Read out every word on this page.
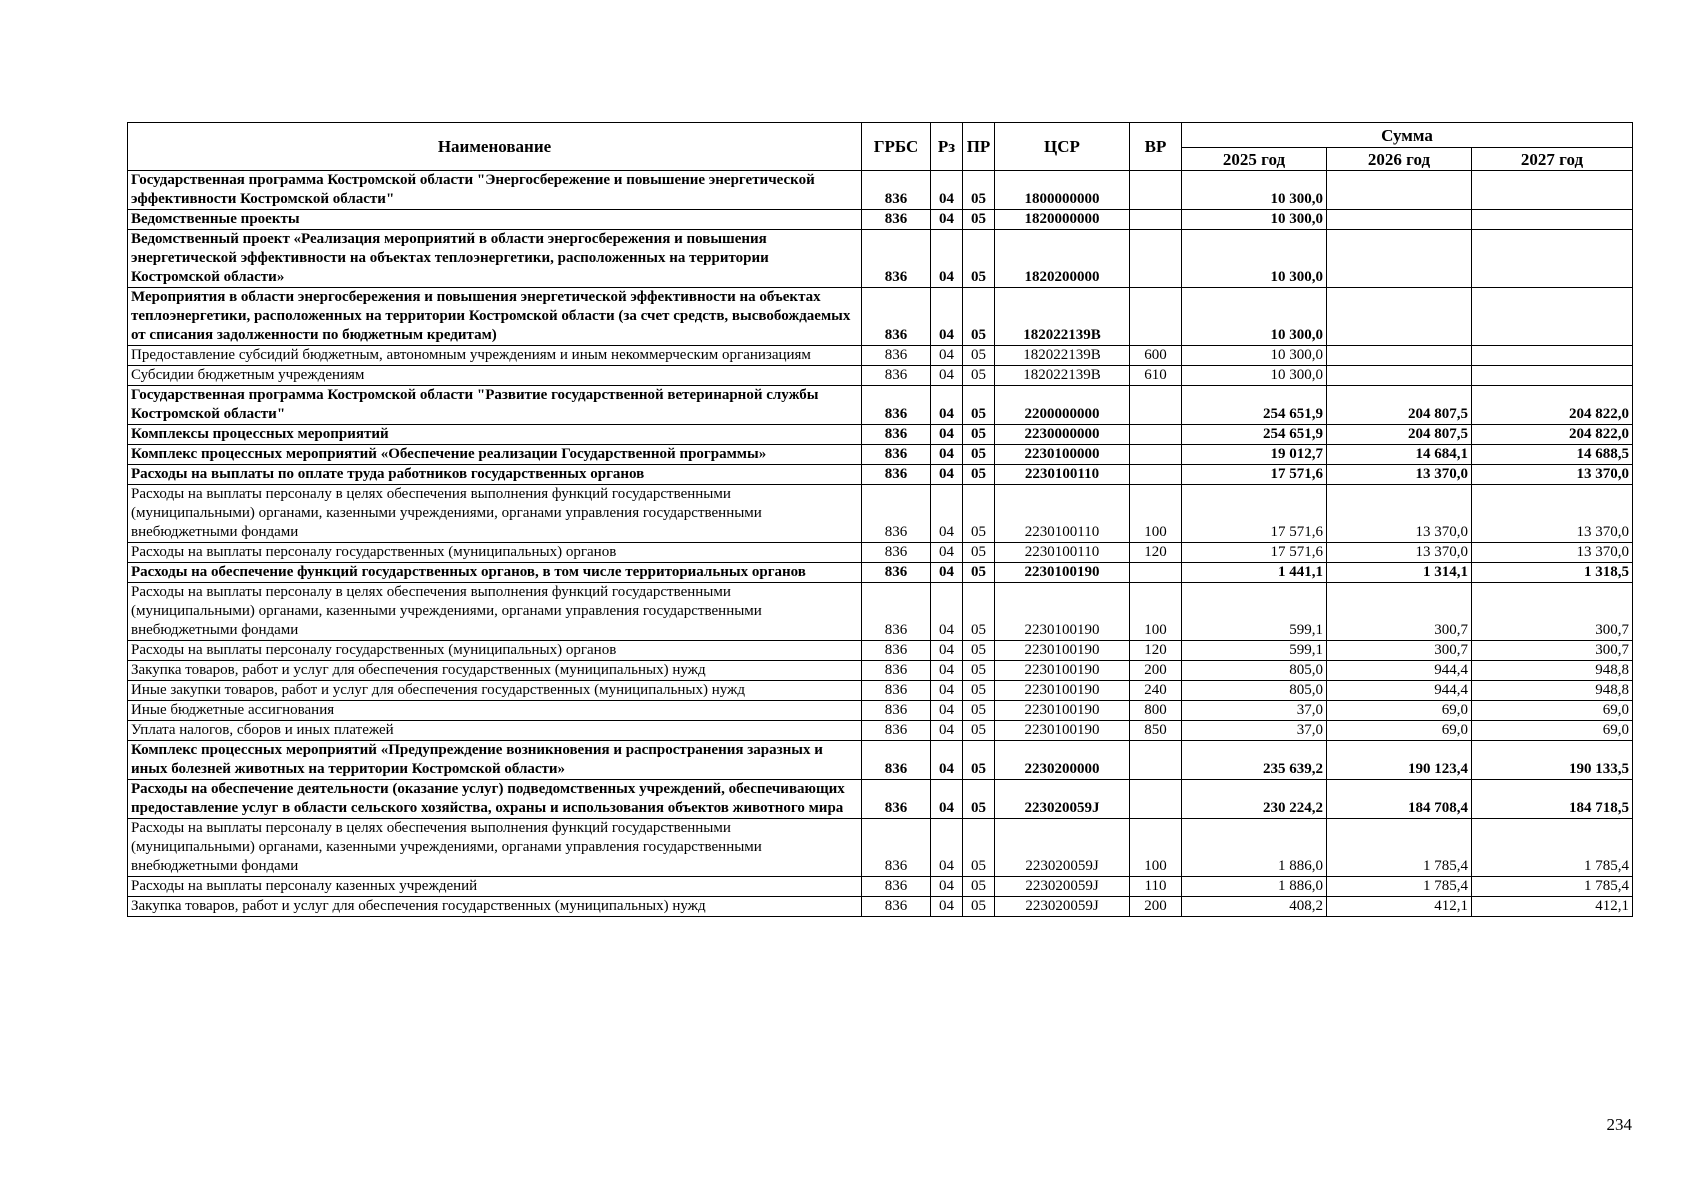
Наименование	ГРБС	Рз	ПР	ЦСР	ВР	Сумма		
						2025 год	2026 год	2027 год
Государственная программа Костромской области "Энергосбережение и повышение энергетической эффективности Костромской области"	836	04	05	1800000000		10 300,0		
Ведомственные проекты	836	04	05	1820000000		10 300,0		
Ведомственный проект «Реализация мероприятий в области энергосбережения и повышения энергетической эффективности на объектах теплоэнергетики, расположенных на территории Костромской области»	836	04	05	1820200000		10 300,0		
Мероприятия в области энергосбережения и повышения энергетической эффективности на объектах теплоэнергетики, расположенных на территории Костромской области (за счет средств, высвобождаемых от списания задолженности по бюджетным кредитам)	836	04	05	182022139В		10 300,0		
Предоставление субсидий бюджетным, автономным учреждениям и иным некоммерческим организациям	836	04	05	182022139В	600	10 300,0		
Субсидии бюджетным учреждениям	836	04	05	182022139В	610	10 300,0		
Государственная программа Костромской области "Развитие государственной ветеринарной службы Костромской области"	836	04	05	2200000000		254 651,9	204 807,5	204 822,0
Комплексы процессных мероприятий	836	04	05	2230000000		254 651,9	204 807,5	204 822,0
Комплекс процессных мероприятий «Обеспечение реализации Государственной программы»	836	04	05	2230100000		19 012,7	14 684,1	14 688,5
Расходы на выплаты по оплате труда работников государственных органов	836	04	05	2230100110		17 571,6	13 370,0	13 370,0
Расходы на выплаты персоналу в целях обеспечения выполнения функций государственными (муниципальными) органами, казенными учреждениями, органами управления государственными внебюджетными фондами	836	04	05	2230100110	100	17 571,6	13 370,0	13 370,0
Расходы на выплаты персоналу государственных (муниципальных) органов	836	04	05	2230100110	120	17 571,6	13 370,0	13 370,0
Расходы на обеспечение функций государственных органов, в том числе территориальных органов	836	04	05	2230100190		1 441,1	1 314,1	1 318,5
Расходы на выплаты персоналу в целях обеспечения выполнения функций государственными (муниципальными) органами, казенными учреждениями, органами управления государственными внебюджетными фондами	836	04	05	2230100190	100	599,1	300,7	300,7
Расходы на выплаты персоналу государственных (муниципальных) органов	836	04	05	2230100190	120	599,1	300,7	300,7
Закупка товаров, работ и услуг для обеспечения государственных (муниципальных) нужд	836	04	05	2230100190	200	805,0	944,4	948,8
Иные закупки товаров, работ и услуг для обеспечения государственных (муниципальных) нужд	836	04	05	2230100190	240	805,0	944,4	948,8
Иные бюджетные ассигнования	836	04	05	2230100190	800	37,0	69,0	69,0
Уплата налогов, сборов и иных платежей	836	04	05	2230100190	850	37,0	69,0	69,0
Комплекс процессных мероприятий «Предупреждение возникновения и распространения заразных и иных болезней животных на территории Костромской области»	836	04	05	2230200000		235 639,2	190 123,4	190 133,5
Расходы на обеспечение деятельности (оказание услуг) подведомственных учреждений, обеспечивающих предоставление услуг в области сельского хозяйства, охраны и использования объектов животного мира	836	04	05	223020059J		230 224,2	184 708,4	184 718,5
Расходы на выплаты персоналу в целях обеспечения выполнения функций государственными (муниципальными) органами, казенными учреждениями, органами управления государственными внебюджетными фондами	836	04	05	223020059J	100	1 886,0	1 785,4	1 785,4
Расходы на выплаты персоналу казенных учреждений	836	04	05	223020059J	110	1 886,0	1 785,4	1 785,4
Закупка товаров, работ и услуг для обеспечения государственных (муниципальных) нужд	836	04	05	223020059J	200	408,2	412,1	412,1
234
